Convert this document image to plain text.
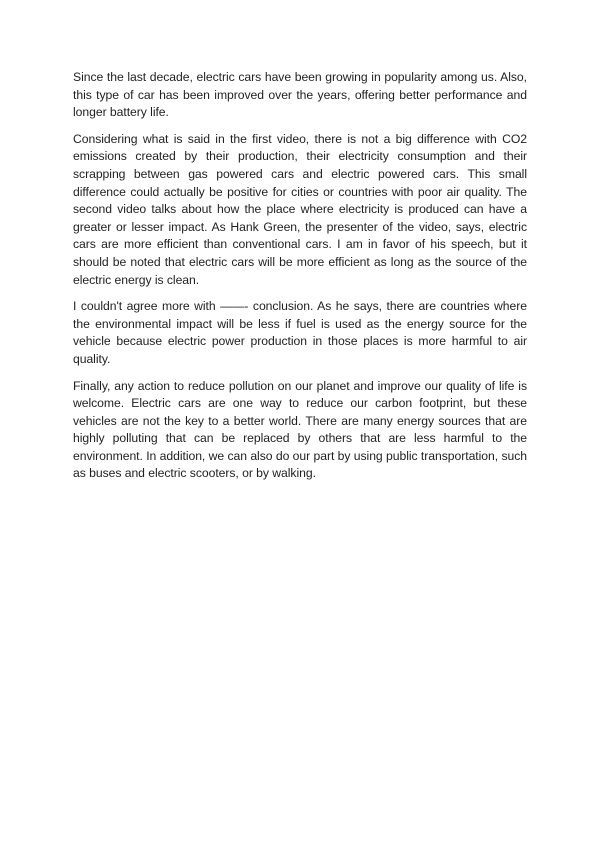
Since the last decade, electric cars have been growing in popularity among us. Also, this type of car has been improved over the years, offering better performance and longer battery life.

Considering what is said in the first video, there is not a big difference with CO2 emissions created by their production, their electricity consumption and their scrapping between gas powered cars and electric powered cars. This small difference could actually be positive for cities or countries with poor air quality. The second video talks about how the place where electricity is produced can have a greater or lesser impact. As Hank Green, the presenter of the video, says, electric cars are more efficient than conventional cars. I am in favor of his speech, but it should be noted that electric cars will be more efficient as long as the source of the electric energy is clean.

I couldn't agree more with ——- conclusion. As he says, there are countries where the environmental impact will be less if fuel is used as the energy source for the vehicle because electric power production in those places is more harmful to air quality.

Finally, any action to reduce pollution on our planet and improve our quality of life is welcome. Electric cars are one way to reduce our carbon footprint, but these vehicles are not the key to a better world. There are many energy sources that are highly polluting that can be replaced by others that are less harmful to the environment. In addition, we can also do our part by using public transportation, such as buses and electric scooters, or by walking.
